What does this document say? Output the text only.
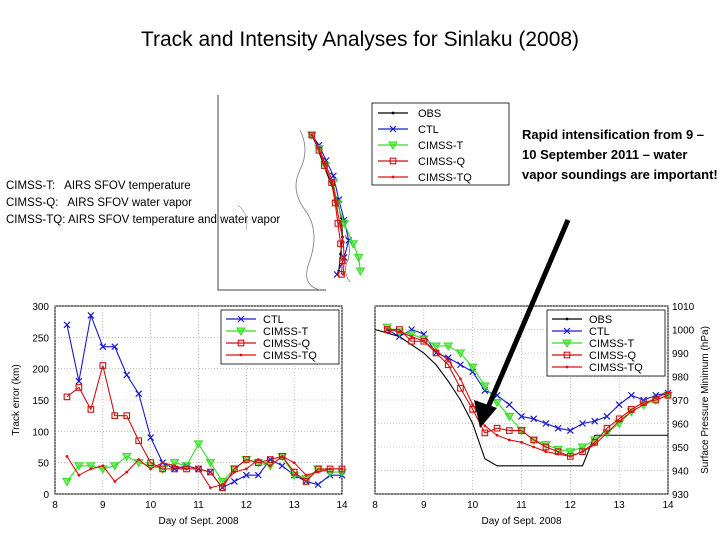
Track and Intensity Analyses for Sinlaku (2008)
CIMSS-T:   AIRS SFOV temperature
CIMSS-Q:   AIRS SFOV water vapor
CIMSS-TQ: AIRS SFOV temperature and water vapor
Rapid intensification from 9 – 10 September 2011 – water vapor soundings are important!
OBS
CTL
CIMSS-T
CIMSS-Q
CIMSS-TQ
8	9	10	11	12	13	14
0
50
100
150
200
250
300
Day of Sept. 2008
Track error (km)
CTL
CIMSS-T
CIMSS-Q
CIMSS-TQ
8	9	10	11	12	13	14
930
940
950
960
970
980
990
1000
1010
Day of Sept. 2008
Surface Pressure Minimum (hPa)
OBS
CTL
CIMSS-T
CIMSS-Q
CIMSS-TQ
